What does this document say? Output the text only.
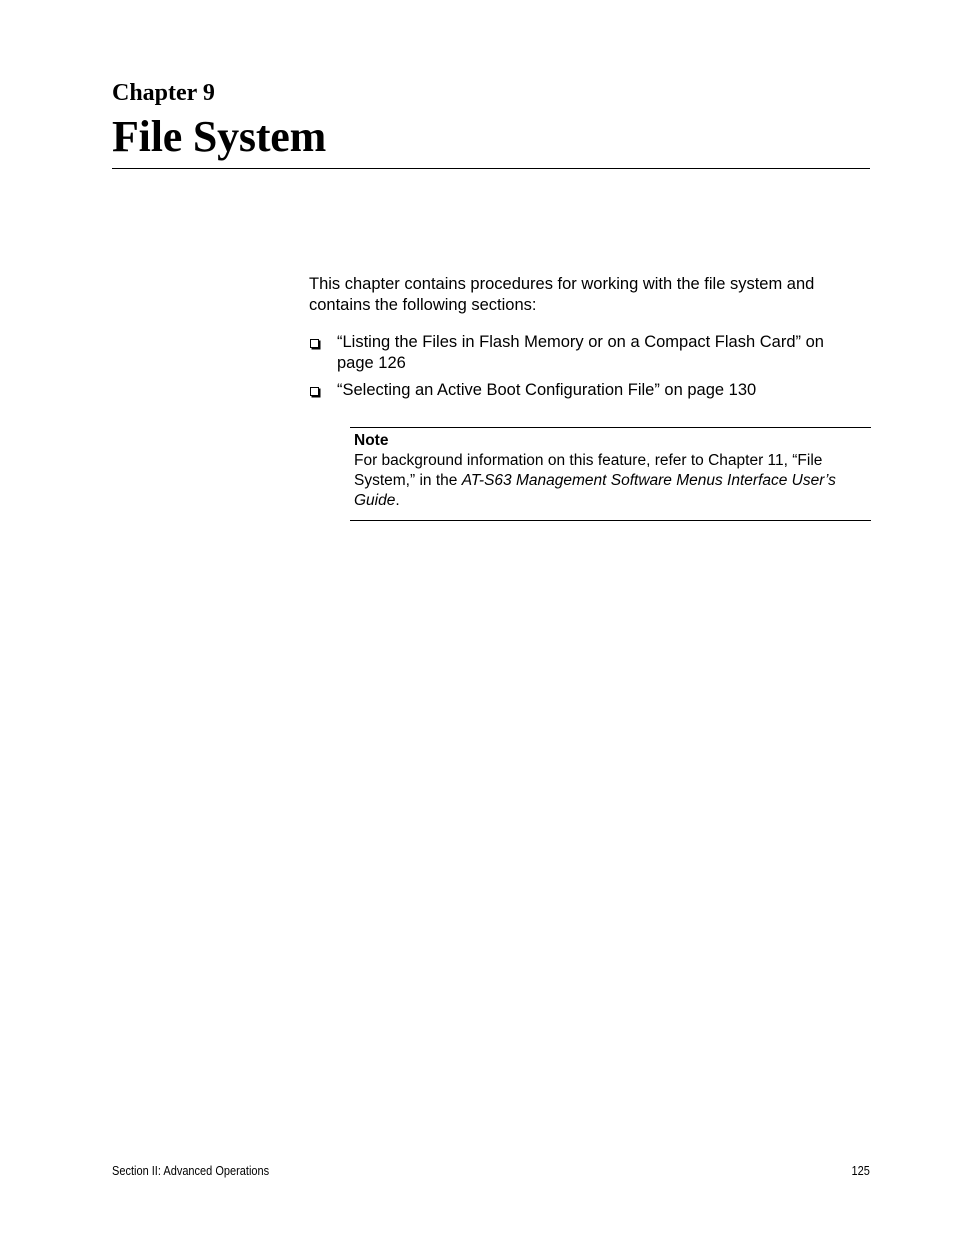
Chapter 9
File System

This chapter contains procedures for working with the file system and contains the following sections:

“Listing the Files in Flash Memory or on a Compact Flash Card” on page 126
“Selecting an Active Boot Configuration File” on page 130

Note

For background information on this feature, refer to Chapter 11, “File System,” in the AT-S63 Management Software Menus Interface User’s Guide.

Section II: Advanced Operations	125
